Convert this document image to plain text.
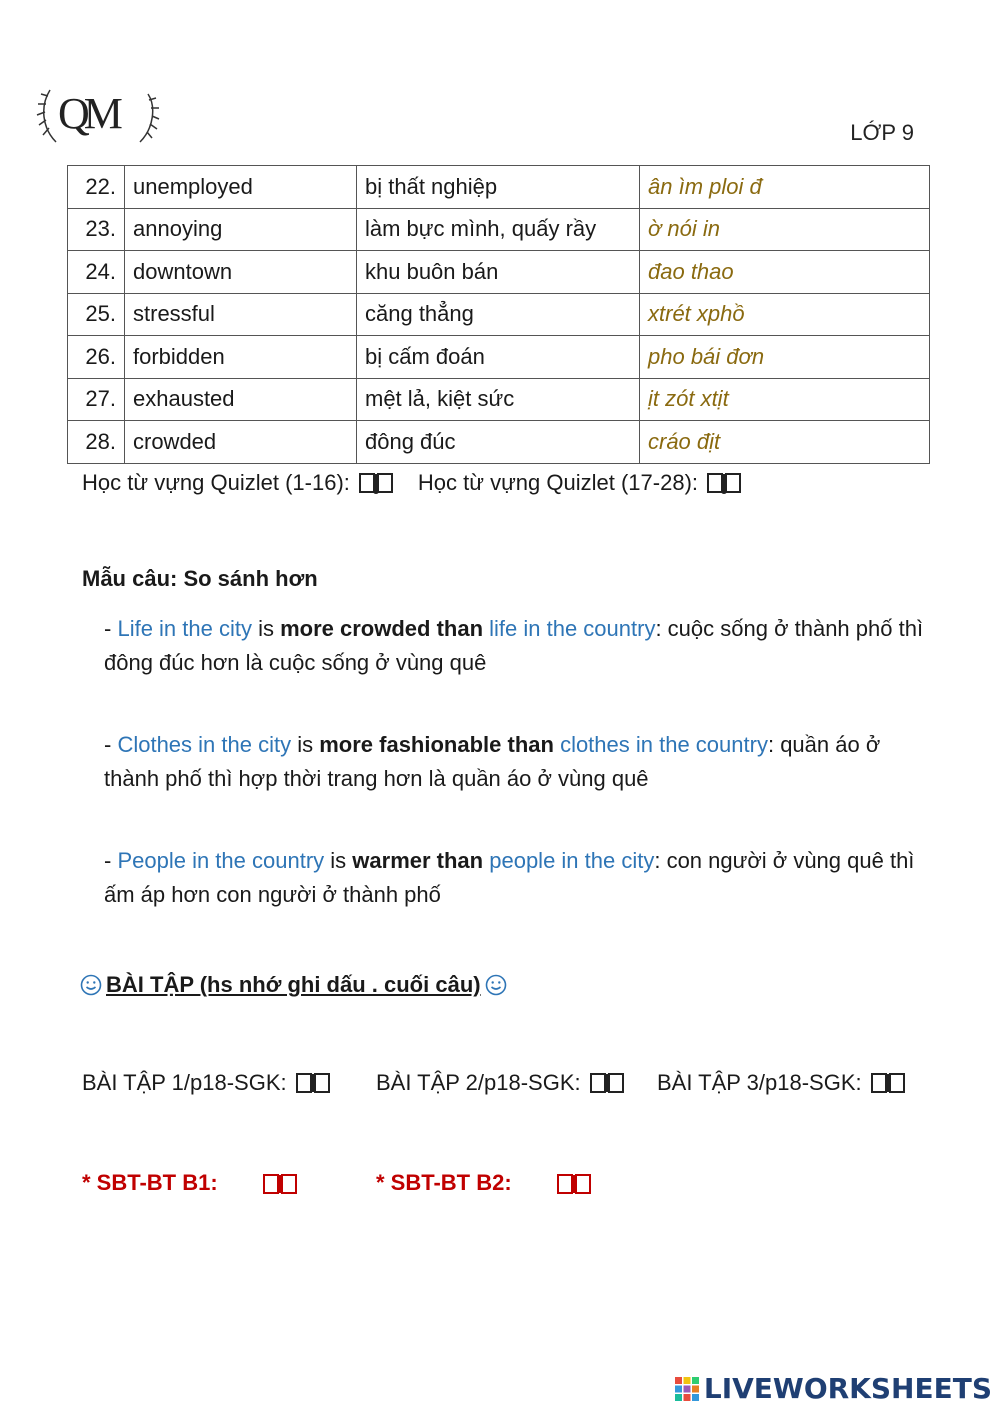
QM	LỚP 9
22.	unemployed	bị thất nghiệp	ân ìm ploi đ
23.	annoying	làm bực mình, quấy rầy	ờ nói in
24.	downtown	khu buôn bán	đao thao
25.	stressful	căng thẳng	xtrét xphồ
26.	forbidden	bị cấm đoán	pho bái đơn
27.	exhausted	mệt lả, kiệt sức	ịt zót xtịt
28.	crowded	đông đúc	cráo địt
Học từ vựng Quizlet (1-16):	Học từ vựng Quizlet (17-28):
Mẫu câu: So sánh hơn
- Life in the city is more crowded than life in the country: cuộc sống ở thành phố thì đông đúc hơn là cuộc sống ở vùng quê
- Clothes in the city is more fashionable than clothes in the country: quần áo ở thành phố thì hợp thời trang hơn là quần áo ở vùng quê
- People in the country is warmer than people in the city: con người ở vùng quê thì ấm áp hơn con người ở thành phố
BÀI TẬP (hs nhớ ghi dấu . cuối câu)
BÀI TẬP 1/p18-SGK:	BÀI TẬP 2/p18-SGK:	BÀI TẬP 3/p18-SGK:
* SBT-BT B1:	* SBT-BT B2:
LIVEWORKSHEETS
